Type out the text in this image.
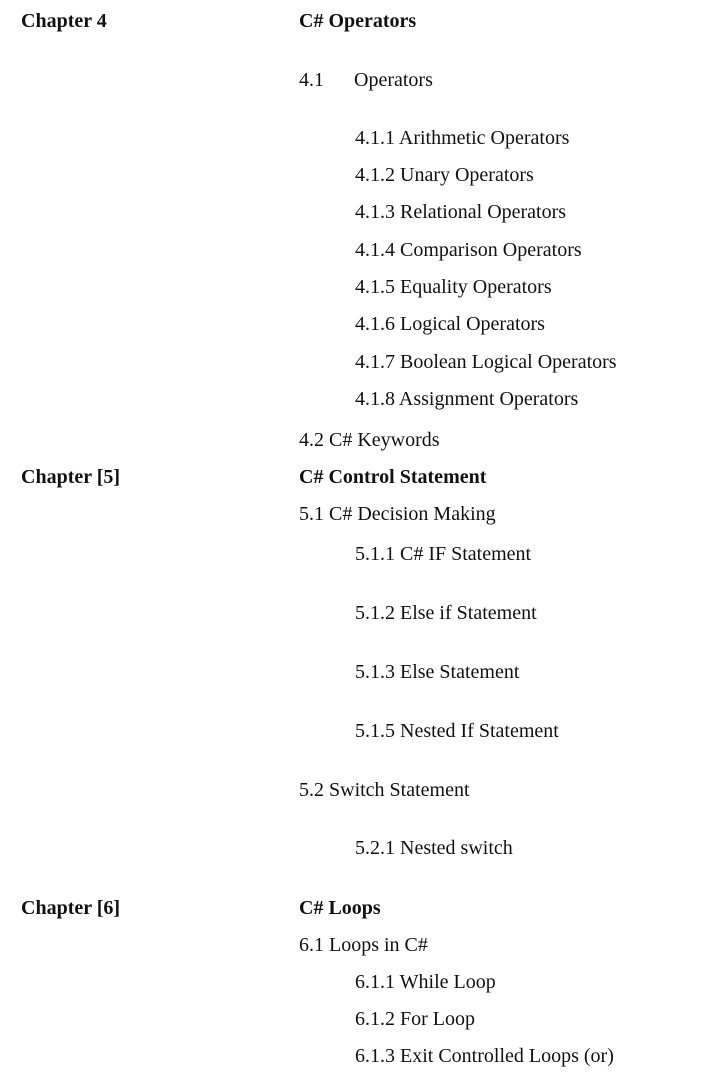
Chapter 4	C# Operators
4.1 Operators
4.1.1 Arithmetic Operators
4.1.2 Unary Operators
4.1.3 Relational Operators
4.1.4 Comparison Operators
4.1.5 Equality Operators
4.1.6 Logical Operators
4.1.7 Boolean Logical Operators
4.1.8 Assignment Operators
4.2 C# Keywords
Chapter [5]	C# Control Statement
5.1 C# Decision Making
5.1.1 C# IF Statement
5.1.2 Else if Statement
5.1.3 Else Statement
5.1.5 Nested If Statement
5.2 Switch Statement
5.2.1 Nested switch
Chapter [6]	C# Loops
6.1 Loops in C#
6.1.1 While Loop
6.1.2 For Loop
6.1.3 Exit Controlled Loops (or)
